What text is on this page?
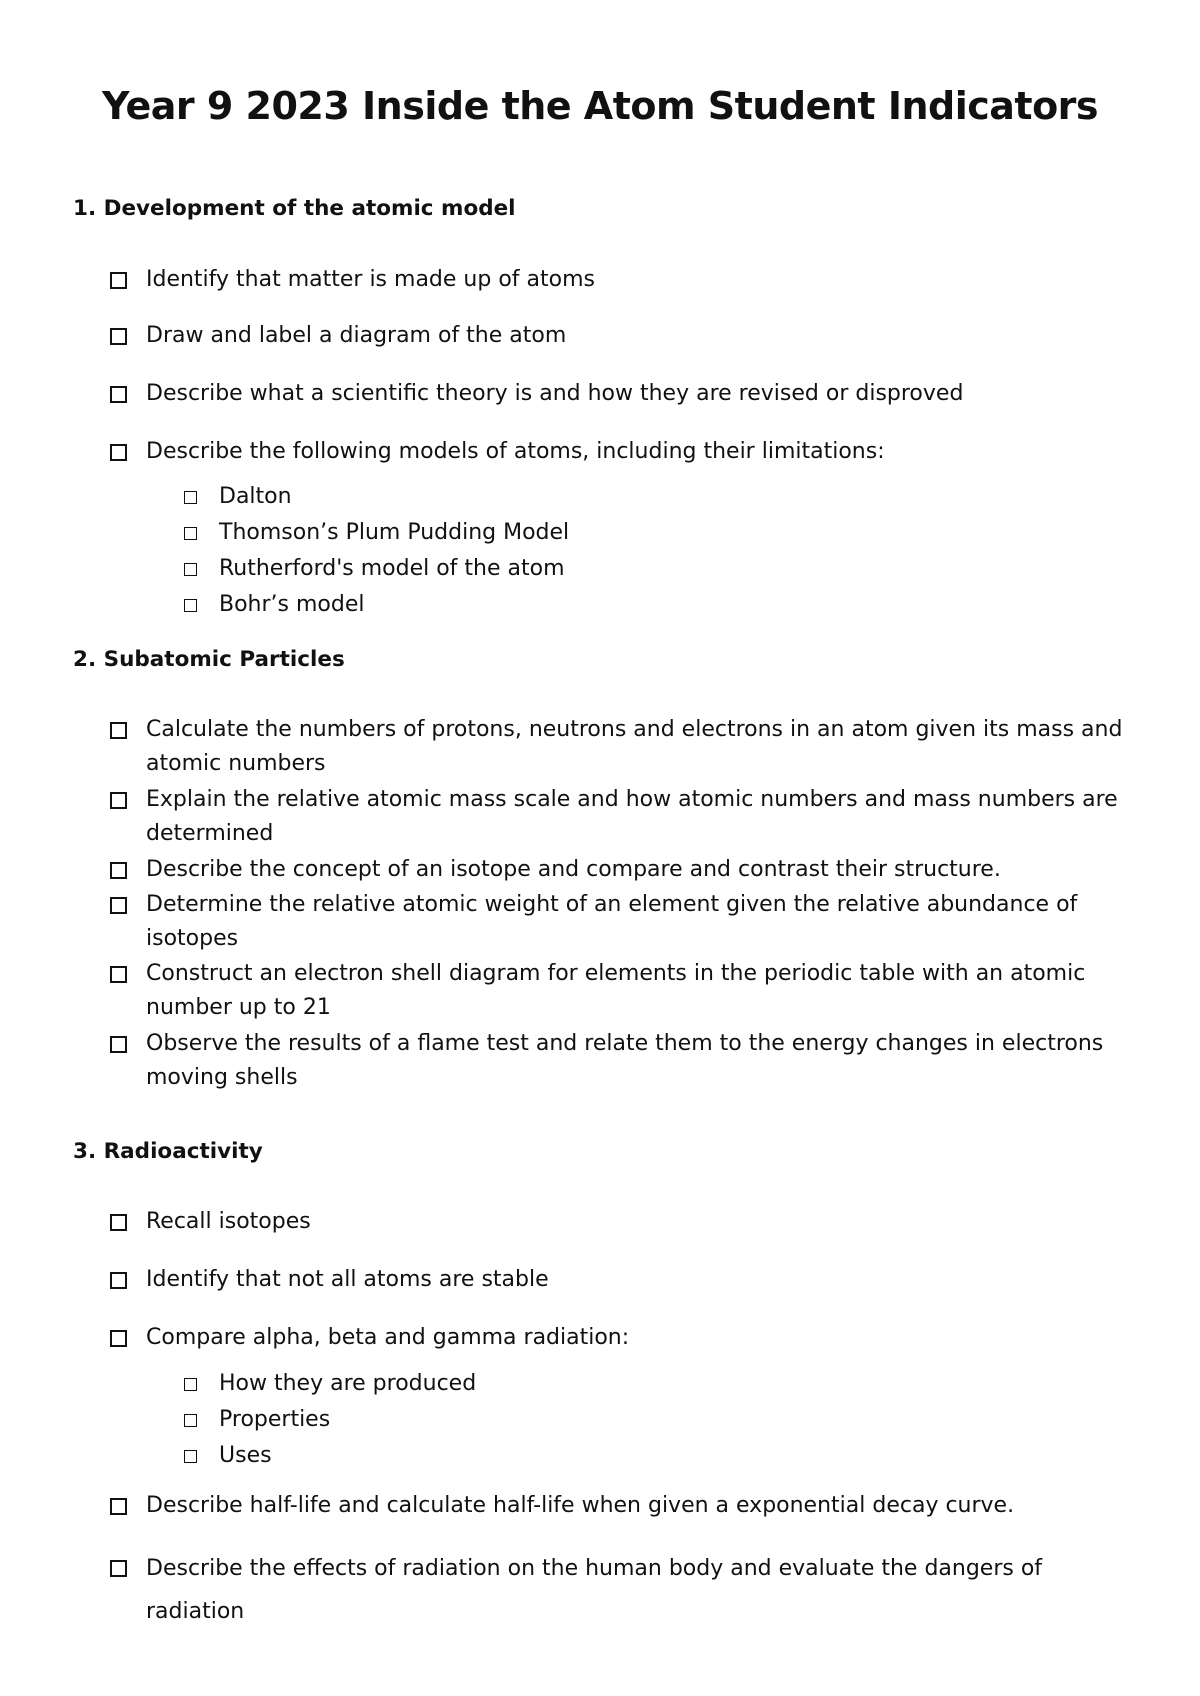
Year 9 2023 Inside the Atom Student Indicators
1. Development of the atomic model
Identify that matter is made up of atoms
Draw and label a diagram of the atom
Describe what a scientific theory is and how they are revised or disproved
Describe the following models of atoms, including their limitations:
Dalton
Thomson’s Plum Pudding Model
Rutherford's model of the atom
Bohr’s model
2. Subatomic Particles
Calculate the numbers of protons, neutrons and electrons in an atom given its mass and atomic numbers
Explain the relative atomic mass scale and how atomic numbers and mass numbers are determined
Describe the concept of an isotope and compare and contrast their structure.
Determine the relative atomic weight of an element given the relative abundance of isotopes
Construct an electron shell diagram for elements in the periodic table with an atomic number up to 21
Observe the results of a flame test and relate them to the energy changes in electrons moving shells
3. Radioactivity
Recall isotopes
Identify that not all atoms are stable
Compare alpha, beta and gamma radiation:
How they are produced
Properties
Uses
Describe half-life and calculate half-life when given a exponential decay curve.
Describe the effects of radiation on the human body and evaluate the dangers of radiation
